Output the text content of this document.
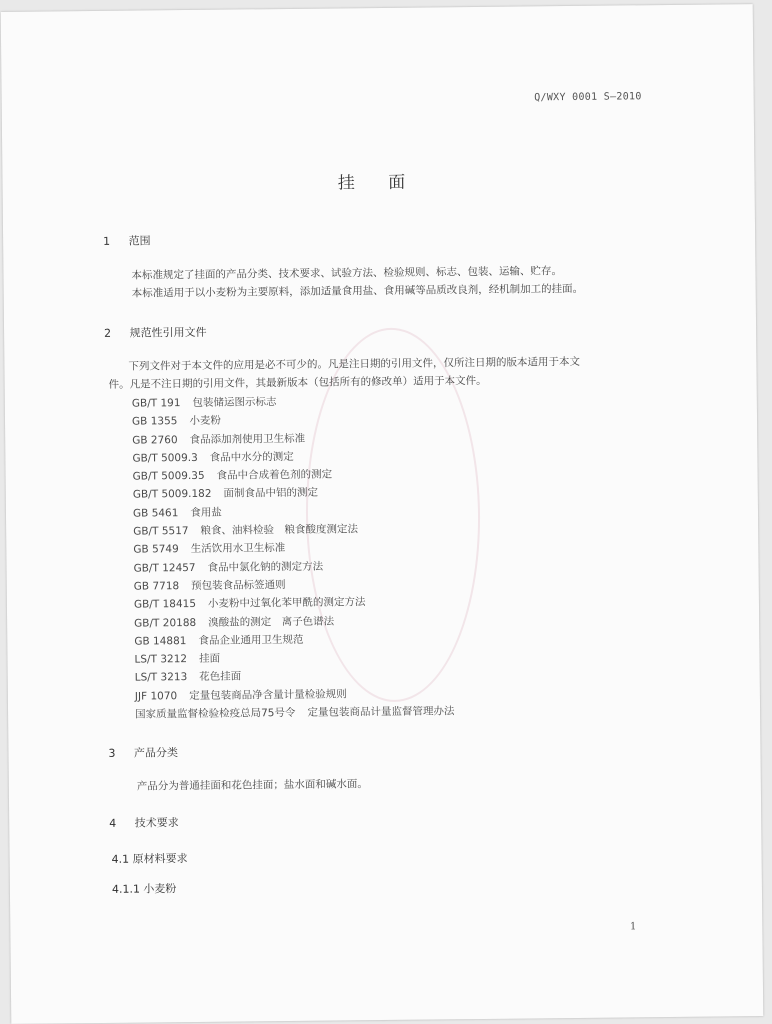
Q/WXY 0001 S—2010
挂 面
1 范围
本标准规定了挂面的产品分类、技术要求、试验方法、检验规则、标志、包装、运输、贮存。
本标准适用于以小麦粉为主要原料，添加适量食用盐、食用碱等品质改良剂，经机制加工的挂面。
2 规范性引用文件
下列文件对于本文件的应用是必不可少的。凡是注日期的引用文件，仅所注日期的版本适用于本文
件。凡是不注日期的引用文件，其最新版本（包括所有的修改单）适用于本文件。
GB/T 191 包装储运图示标志
GB 1355 小麦粉
GB 2760 食品添加剂使用卫生标准
GB/T 5009.3 食品中水分的测定
GB/T 5009.35 食品中合成着色剂的测定
GB/T 5009.182 面制食品中铝的测定
GB 5461 食用盐
GB/T 5517 粮食、油料检验　粮食酸度测定法
GB 5749 生活饮用水卫生标准
GB/T 12457 食品中氯化钠的测定方法
GB 7718 预包装食品标签通则
GB/T 18415 小麦粉中过氧化苯甲酰的测定方法
GB/T 20188 溴酸盐的测定　离子色谱法
GB 14881 食品企业通用卫生规范
LS/T 3212 挂面
LS/T 3213 花色挂面
JJF 1070 定量包装商品净含量计量检验规则
国家质量监督检验检疫总局75号令 定量包装商品计量监督管理办法
3 产品分类
产品分为普通挂面和花色挂面；盐水面和碱水面。
4 技术要求
4.1 原材料要求
4.1.1 小麦粉
1
